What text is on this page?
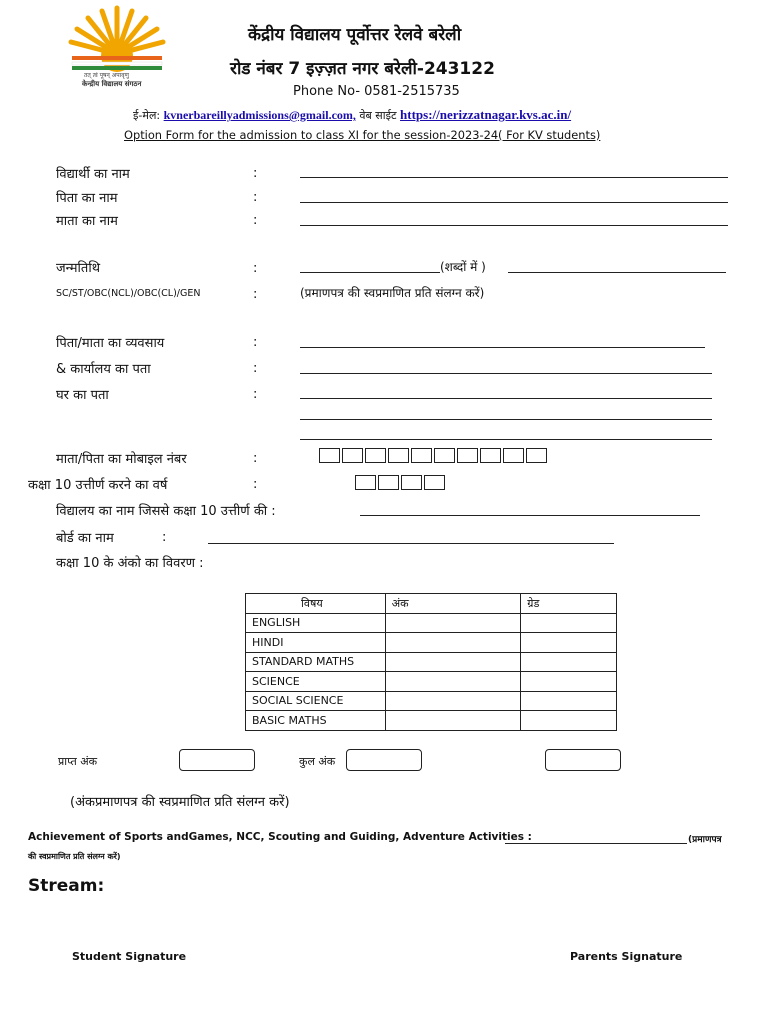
तत् त्वं पूषन् अपावृणु
केन्द्रीय विद्यालय संगठन
केंद्रीय विद्यालय पूर्वोत्तर रेलवे बरेली
रोड नंबर 7 इज़्ज़त नगर बरेली-243122
Phone No- 0581-2515735
ई-मेल: kvnerbareillyadmissions@gmail.com, वेब साईट https://nerizzatnagar.kvs.ac.in/
Option Form for the admission to class XI for the session-2023-24( For KV students)
विद्यार्थी का नाम	:
पिता का नाम	:
माता का नाम	:
जन्मतिथि	:	(शब्दों में )
SC/ST/OBC(NCL)/OBC(CL)/GEN	:	(प्रमाणपत्र की स्वप्रमाणित प्रति संलग्न करें)
पिता/माता का व्यवसाय	:
& कार्यालय का पता	:
घर का पता	:
माता/पिता का मोबाइल नंबर	:
कक्षा 10 उत्तीर्ण करने का वर्ष	:
विद्यालय का नाम जिससे कक्षा 10 उत्तीर्ण की :
बोर्ड का नाम	:
कक्षा 10 के अंको का विवरण :
विषय	अंक	ग्रेड
ENGLISH		
HINDI		
STANDARD MATHS		
SCIENCE		
SOCIAL SCIENCE		
BASIC MATHS		
प्राप्त अंक	कुल अंक
(अंकप्रमाणपत्र की स्वप्रमाणित प्रति संलग्न करें)
Achievement of Sports andGames, NCC, Scouting and Guiding, Adventure Activities :	(प्रमाणपत्र
की स्वप्रमाणित प्रति संलग्न करें)
Stream:
Student Signature	Parents Signature
